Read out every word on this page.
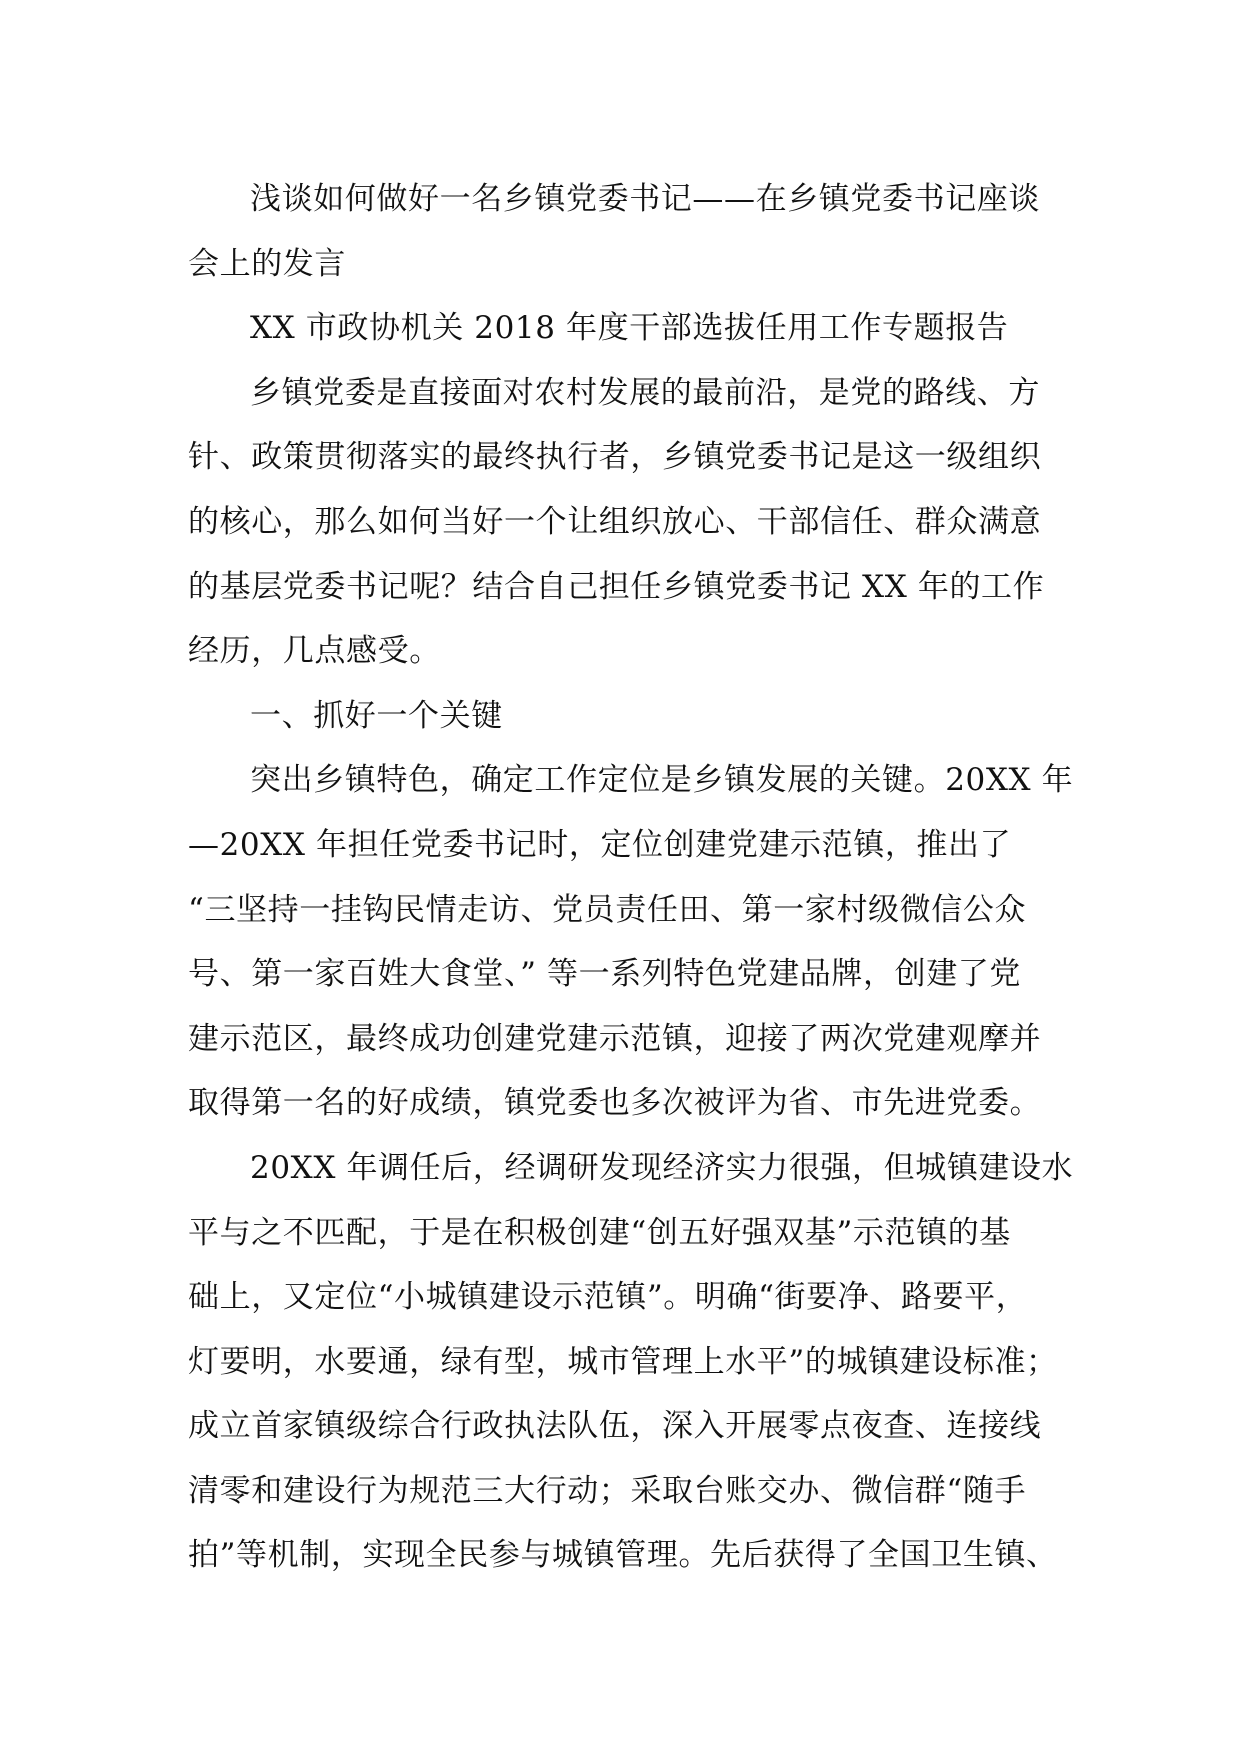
浅谈如何做好一名乡镇党委书记——在乡镇党委书记座谈
会上的发言

XX 市政协机关 2018 年度干部选拔任用工作专题报告

乡镇党委是直接面对农村发展的最前沿，是党的路线、方
针、政策贯彻落实的最终执行者，乡镇党委书记是这一级组织
的核心，那么如何当好一个让组织放心、干部信任、群众满意
的基层党委书记呢？结合自己担任乡镇党委书记 XX 年的工作
经历，几点感受。

一、抓好一个关键

突出乡镇特色，确定工作定位是乡镇发展的关键。20XX 年
—20XX 年担任党委书记时，定位创建党建示范镇，推出了
“三坚持一挂钩民情走访、党员责任田、第一家村级微信公众
号、第一家百姓大食堂、” 等一系列特色党建品牌，创建了党
建示范区，最终成功创建党建示范镇，迎接了两次党建观摩并
取得第一名的好成绩，镇党委也多次被评为省、市先进党委。

20XX 年调任后，经调研发现经济实力很强，但城镇建设水
平与之不匹配，于是在积极创建“创五好强双基”示范镇的基
础上，又定位“小城镇建设示范镇”。明确“街要净、路要平，
灯要明，水要通，绿有型，城市管理上水平”的城镇建设标准；
成立首家镇级综合行政执法队伍，深入开展零点夜查、连接线
清零和建设行为规范三大行动；采取台账交办、微信群“随手
拍”等机制，实现全民参与城镇管理。先后获得了全国卫生镇、
